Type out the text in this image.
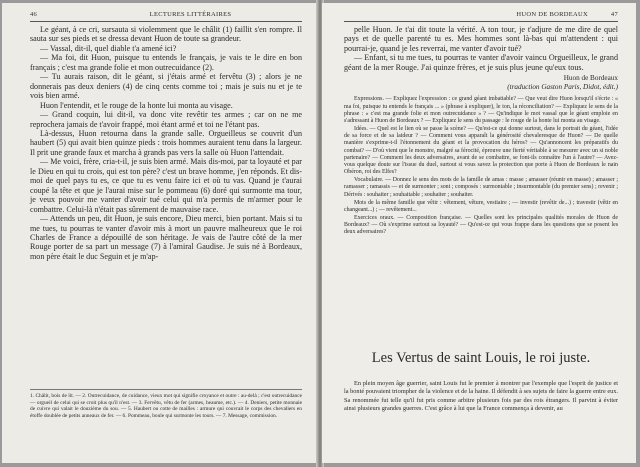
46	LECTURES LITTÉRAIRES

Le géant, à ce cri, sursauta si violemment que le châlit (1) faillit s'en rompre. Il sauta sur ses pieds et se dressa devant Huon de toute sa grandeur.

— Vassal, dit-il, quel diable t'a amené ici?

— Ma foi, dit Huon, puisque tu entends le français, je vais te le dire en bon français ; c'est ma grande folie et mon outrecuidance (2).

— Tu aurais raison, dit le géant, si j'étais armé et fervêtu (3) ; alors je ne donnerais pas deux deniers (4) de cinq cents comme toi ; mais je suis nu et je te vois bien armé.

Huon l'entendit, et le rouge de la honte lui monta au visage.

— Grand coquin, lui dit-il, va donc vite revêtir tes armes ; car on ne me reprochera jamais de t'avoir frappé, moi étant armé et toi ne l'étant pas.

Là-dessus, Huon retourna dans la grande salle. Orgueilleus se couvrit d'un haubert (5) qui avait bien quinze pieds : trois hommes auraient tenu dans la largeur. Il prit une grande faux et marcha à grands pas vers la salle où Huon l'attendait.

— Me voici, frère, cria-t-il, je suis bien armé. Mais dis-moi, par ta loyauté et par le Dieu en qui tu crois, qui est ton père? c'est un brave homme, j'en réponds. Et dis-moi de quel pays tu es, ce que tu es venu faire ici et où tu vas. Quand je t'aurai coupé la tête et que je l'aurai mise sur le pommeau (6) doré qui surmonte ma tour, je veux pouvoir me vanter d'avoir tué celui qui m'a permis de m'armer pour le combattre. Celui-là n'était pas sûrement de mauvaise race.

— Attends un peu, dit Huon, je suis encore, Dieu merci, bien portant. Mais si tu me tues, tu pourras te vanter d'avoir mis à mort un pauvre malheureux que le roi Charles de France a dépouillé de son héritage. Je vais de l'autre côté de la mer Rouge porter de sa part un message (7) à l'amiral Gaudise. Je suis né à Bordeaux, mon père était le duc Seguin et je m'ap-

1. Châlit, bois de lit. — 2. Outrecuidance, de cuidance, vieux mot qui signifie croyance et outre : au-delà ; c'est outrecuidance — orgueil de celui qui se croit plus qu'il n'est. — 3. Fervêtu, vêtu de fer (armes, heaume, etc.). — 4. Deniers, petite monnaie de cuivre qui valait le douzième du sou. — 5. Haubert ou cotte de mailles : armure qui couvrait le corps des chevaliers en étoffe doublée de petits anneaux de fer. — 6. Pommeau, boule qui surmonte les tours. — 7. Message, commission.
HUON DE BORDEAUX	47

pelle Huon. Je t'ai dit toute la vérité. A ton tour, je t'adjure de me dire de quel pays et de quelle parenté tu es. Mes hommes sont là-bas qui m'attendent : qui pourrai-je, quand je les reverrai, me vanter d'avoir tué?

— Enfant, si tu me tues, tu pourras te vanter d'avoir vaincu Orgueilleux, le grand géant de la mer Rouge. J'ai quinze frères, et je suis plus jeune qu'eux tous.

Huon de Bordeaux
(traduction Gaston Paris, Didot, édit.)

Expressions. — Expliquez l'expression : ce grand géant imbattable? — Que veut dire Huon lorsqu'il s'écrie : « ma foi, puisque tu entends le français ... » (phrase à expliquer), le ton, la réconciliation? — Expliquez le sens de la phrase : « c'est ma grande folie et mon outrecuidance » ? — Qu'indique le mot vassal que le géant emploie en s'adressant à Huon de Bordeaux ? — Expliquez le sens du passage : le rouge de la honte lui monta au visage.

Idées. — Quel est le lien où se passe la scène? — Qu'est-ce qui donne surtout, dans le portrait du géant, l'idée de sa force et de sa laideur ? — Comment vous apparaît la générosité chevaleresque de Huon? — De quelle manière s'exprime-t-il l'étonnement du géant et la provocation du héros? — Qu'annoncent les préparatifs du combat? — D'où vient que le monstre, malgré sa férocité, éprouve une fierté véritable à se mesurer avec un si noble partenaire? — Comment les deux adversaires, avant de se combattre, se font-ils connaître l'un à l'autre? — Avez-vous quelque doute sur l'issue du duel, surtout si vous savez la protection que porte à Huon de Bordeaux le nain Obéron, roi des Elfes?

Vocabulaire. — Donnez le sens des mots de la famille de amas : masse ; amasser (réunir en masse) ; amasser ; ramasser ; ramassis — et de surmonter ; sont ; composés : surmontable ; insurmontable (du premier sens) ; revenir ; Dérivés : souhaiter ; souhaitable ; souhaiter ; souhaiter.

Mots de la même famille que vêtir : vêtement, vêture, vestiaire ; — investir (revêtir de...) ; travestir (vêtir en changeant...) ; — revêtement...

Exercices oraux. — Composition française. — Quelles sont les principales qualités morales de Huon de Bordeaux? — Où s'exprime surtout sa loyauté? — Qu'est-ce qui vous frappe dans les questions que se posent les deux adversaires?

Les Vertus de saint Louis, le roi juste.
En plein moyen âge guerrier, saint Louis fut le premier à montrer par l'exemple que l'esprit de justice et la bonté pouvaient triompher de la violence et de la haine. Il défendit à ses sujets de faire la guerre entre eux. Sa renommée fut telle qu'il fut pris comme arbitre plusieurs fois par des rois étrangers. Il parvint à éviter ainsi plusieurs grandes guerres. C'est grâce à lui que la France commença à devenir, au
